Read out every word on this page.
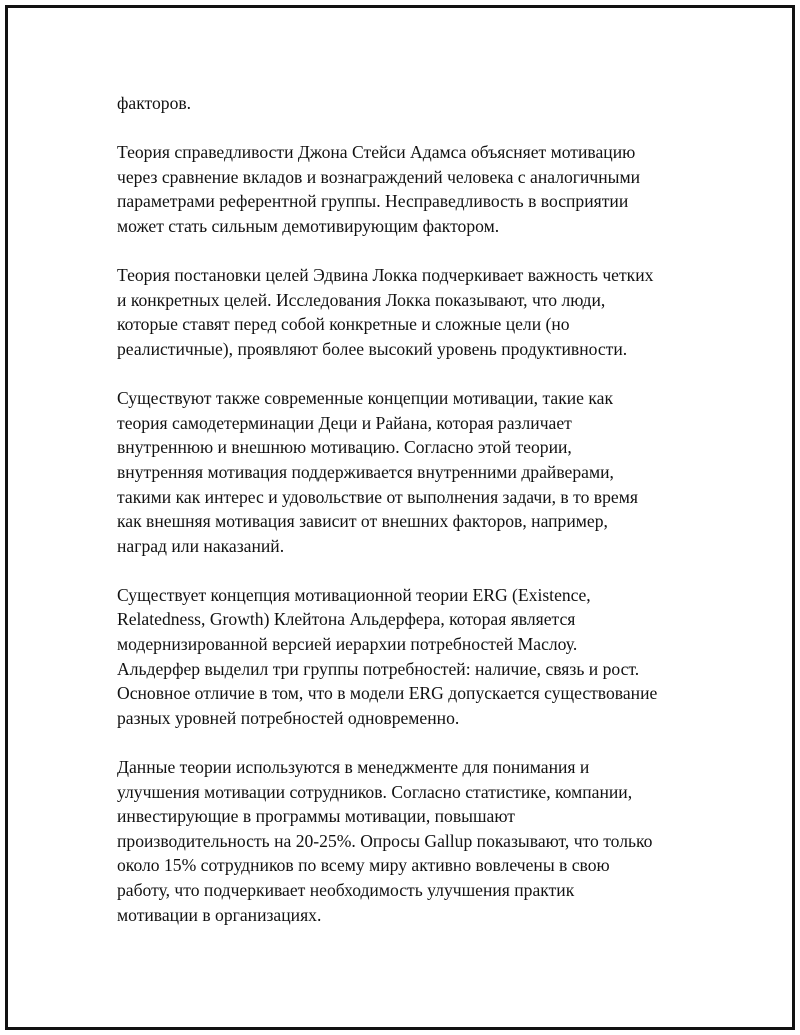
факторов.

Теория справедливости Джона Стейси Адамса объясняет мотивацию
через сравнение вкладов и вознаграждений человека с аналогичными
параметрами референтной группы. Несправедливость в восприятии
может стать сильным демотивирующим фактором.

Теория постановки целей Эдвина Локка подчеркивает важность четких
и конкретных целей. Исследования Локка показывают, что люди,
которые ставят перед собой конкретные и сложные цели (но
реалистичные), проявляют более высокий уровень продуктивности.

Существуют также современные концепции мотивации, такие как
теория самодетерминации Деци и Райана, которая различает
внутреннюю и внешнюю мотивацию. Согласно этой теории,
внутренняя мотивация поддерживается внутренними драйверами,
такими как интерес и удовольствие от выполнения задачи, в то время
как внешняя мотивация зависит от внешних факторов, например,
наград или наказаний.

Существует концепция мотивационной теории ERG (Existence,
Relatedness, Growth) Клейтона Альдерфера, которая является
модернизированной версией иерархии потребностей Маслоу.
Альдерфер выделил три группы потребностей: наличие, связь и рост.
Основное отличие в том, что в модели ERG допускается существование
разных уровней потребностей одновременно.

Данные теории используются в менеджменте для понимания и
улучшения мотивации сотрудников. Согласно статистике, компании,
инвестирующие в программы мотивации, повышают
производительность на 20-25%. Опросы Gallup показывают, что только
около 15% сотрудников по всему миру активно вовлечены в свою
работу, что подчеркивает необходимость улучшения практик
мотивации в организациях.
